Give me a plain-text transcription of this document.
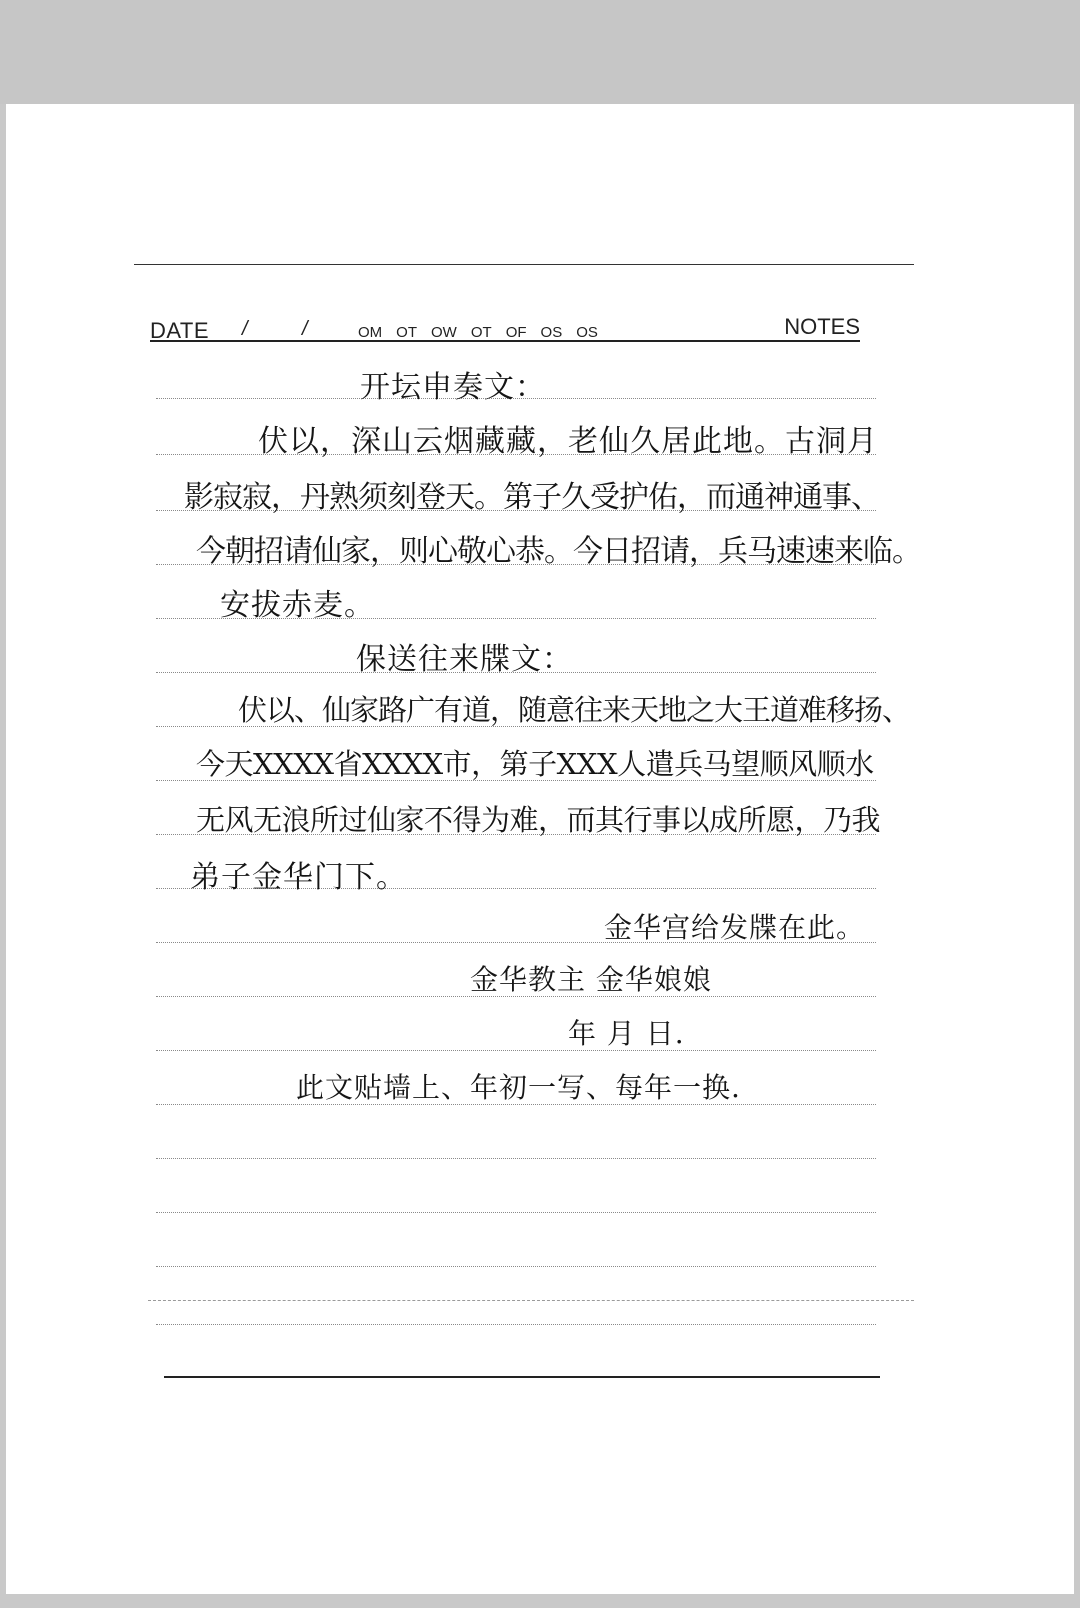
DATE /	/	OM OT OW OT OF OS OS	NOTES
开坛申奏文：
伏以，深山云烟藏藏，老仙久居此地。古洞月
影寂寂，丹熟须刻登天。第子久受护佑，而通神通事、
今朝招请仙家，则心敬心恭。今日招请，兵马速速来临。
安拔赤麦。
保送往来牒文：
伏以、仙家路广有道，随意往来天地之大王道难移扬、
今天XXXX省XXXX市，第子XXX人遣兵马望顺风顺水
无风无浪所过仙家不得为难，而其行事以成所愿，乃我
弟子金华门下。
金华宫给发牒在此。
金华教主 金华娘娘
年 月 日.
此文贴墙上、年初一写、每年一换.
